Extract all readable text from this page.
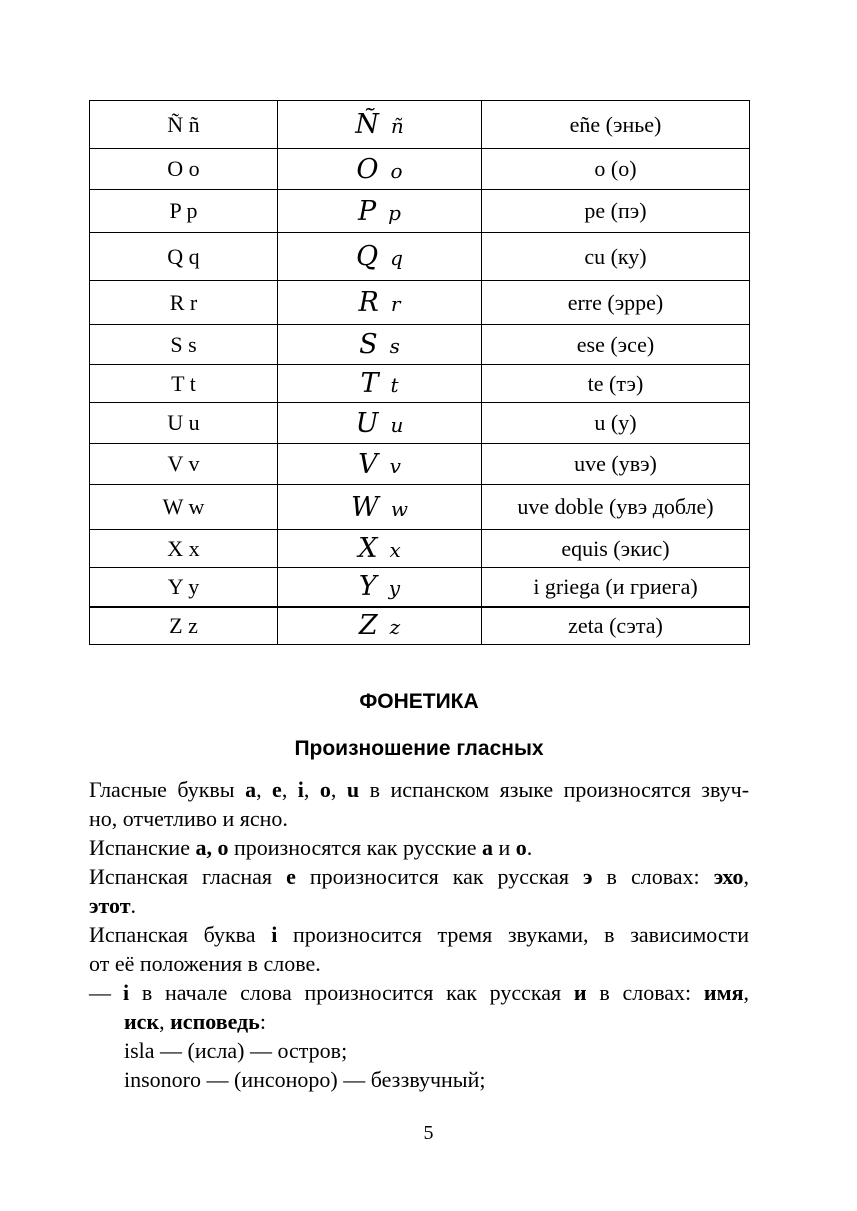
Ñ ñ	Ñ ñ	eñe (энье)
O o	O o	o (о)
P p	P p	pe (пэ)
Q q	Q q	cu (ку)
R r	R r	erre (эрре)
S s	S s	ese (эсе)
T t	T t	te (тэ)
U u	U u	u (у)
V v	V v	uve (увэ)
W w	W w	uve doble (увэ добле)
X x	X x	equis (экис)
Y y	Y y	i griega (и гриега)
Z z	Z z	zeta (сэта)
ФОНЕТИКА
Произношение гласных

Гласные буквы a, e, i, o, u в испанском языке произносятся звуч-

но, отчетливо и ясно.

Испанские a, o произносятся как русские а и о.

Испанская гласная e произносится как русская э в словах: эхо,

этот.

Испанская буква i произносится тремя звуками, в зависимости

от её положения в слове.

— i в начале слова произносится как русская и в словах: имя,

иск, исповедь:

isla — (исла) — остров;

insonoro — (инсоноро) — беззвучный;

5
